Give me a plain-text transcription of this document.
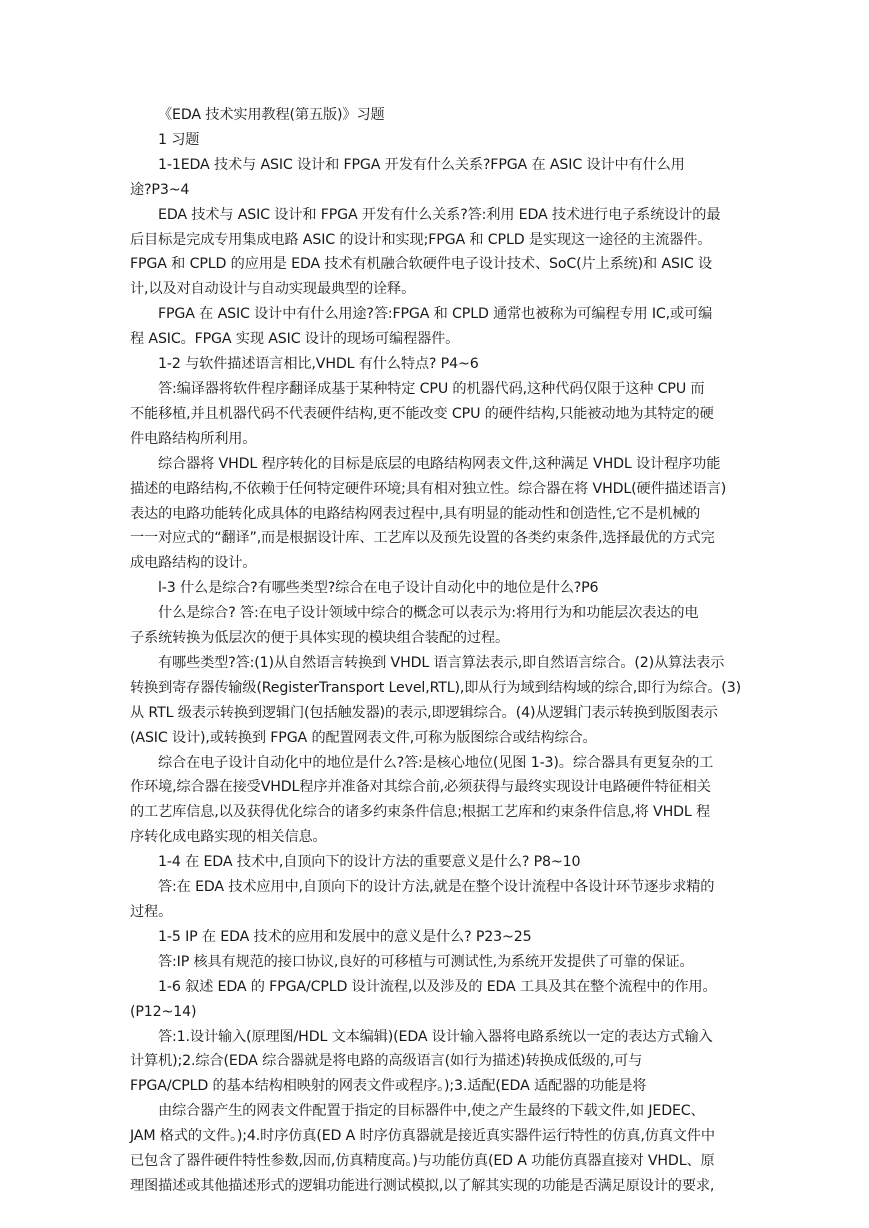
《EDA 技术实用教程(第五版)》习题

1 习题

1-1EDA 技术与 ASIC 设计和 FPGA 开发有什么关系?FPGA 在 ASIC 设计中有什么用

途?P3~4

EDA 技术与 ASIC 设计和 FPGA 开发有什么关系?答:利用 EDA 技术进行电子系统设计的最

后目标是完成专用集成电路 ASIC 的设计和实现;FPGA 和 CPLD 是实现这一途径的主流器件。

FPGA 和 CPLD 的应用是 EDA 技术有机融合软硬件电子设计技术、SoC(片上系统)和 ASIC 设

计,以及对自动设计与自动实现最典型的诠释。

FPGA 在 ASIC 设计中有什么用途?答:FPGA 和 CPLD 通常也被称为可编程专用 IC,或可编

程 ASIC。FPGA 实现 ASIC 设计的现场可编程器件。

1-2 与软件描述语言相比,VHDL 有什么特点? P4~6

答:编译器将软件程序翻译成基于某种特定 CPU 的机器代码,这种代码仅限于这种 CPU 而

不能移植,并且机器代码不代表硬件结构,更不能改变 CPU 的硬件结构,只能被动地为其特定的硬

件电路结构所利用。

综合器将 VHDL 程序转化的目标是底层的电路结构网表文件,这种满足 VHDL 设计程序功能

描述的电路结构,不依赖于任何特定硬件环境;具有相对独立性。综合器在将 VHDL(硬件描述语言)

表达的电路功能转化成具体的电路结构网表过程中,具有明显的能动性和创造性,它不是机械的

一一对应式的“翻译”,而是根据设计库、工艺库以及预先设置的各类约束条件,选择最优的方式完

成电路结构的设计。

l-3 什么是综合?有哪些类型?综合在电子设计自动化中的地位是什么?P6

什么是综合? 答:在电子设计领域中综合的概念可以表示为:将用行为和功能层次表达的电

子系统转换为低层次的便于具体实现的模块组合装配的过程。

有哪些类型?答:(1)从自然语言转换到 VHDL 语言算法表示,即自然语言综合。(2)从算法表示

转换到寄存器传输级(RegisterTransport Level,RTL),即从行为域到结构域的综合,即行为综合。(3)

从 RTL 级表示转换到逻辑门(包括触发器)的表示,即逻辑综合。(4)从逻辑门表示转换到版图表示

(ASIC 设计),或转换到 FPGA 的配置网表文件,可称为版图综合或结构综合。

综合在电子设计自动化中的地位是什么?答:是核心地位(见图 1-3)。综合器具有更复杂的工

作环境,综合器在接受VHDL程序并准备对其综合前,必须获得与最终实现设计电路硬件特征相关

的工艺库信息,以及获得优化综合的诸多约束条件信息;根据工艺库和约束条件信息,将 VHDL 程

序转化成电路实现的相关信息。

1-4 在 EDA 技术中,自顶向下的设计方法的重要意义是什么? P8~10

答:在 EDA 技术应用中,自顶向下的设计方法,就是在整个设计流程中各设计环节逐步求精的

过程。

1-5 IP 在 EDA 技术的应用和发展中的意义是什么? P23~25

答:IP 核具有规范的接口协议,良好的可移植与可测试性,为系统开发提供了可靠的保证。

1-6 叙述 EDA 的 FPGA/CPLD 设计流程,以及涉及的 EDA 工具及其在整个流程中的作用。

(P12~14)

答:1.设计输入(原理图/HDL 文本编辑)(EDA 设计输入器将电路系统以一定的表达方式输入

计算机);2.综合(EDA 综合器就是将电路的高级语言(如行为描述)转换成低级的,可与

FPGA/CPLD 的基本结构相映射的网表文件或程序。);3.适配(EDA 适配器的功能是将

由综合器产生的网表文件配置于指定的目标器件中,使之产生最终的下载文件,如 JEDEC、

JAM 格式的文件。);4.时序仿真(ED A 时序仿真器就是接近真实器件运行特性的仿真,仿真文件中

已包含了器件硬件特性参数,因而,仿真精度高。)与功能仿真(ED A 功能仿真器直接对 VHDL、原

理图描述或其他描述形式的逻辑功能进行测试模拟,以了解其实现的功能是否满足原设计的要求,
